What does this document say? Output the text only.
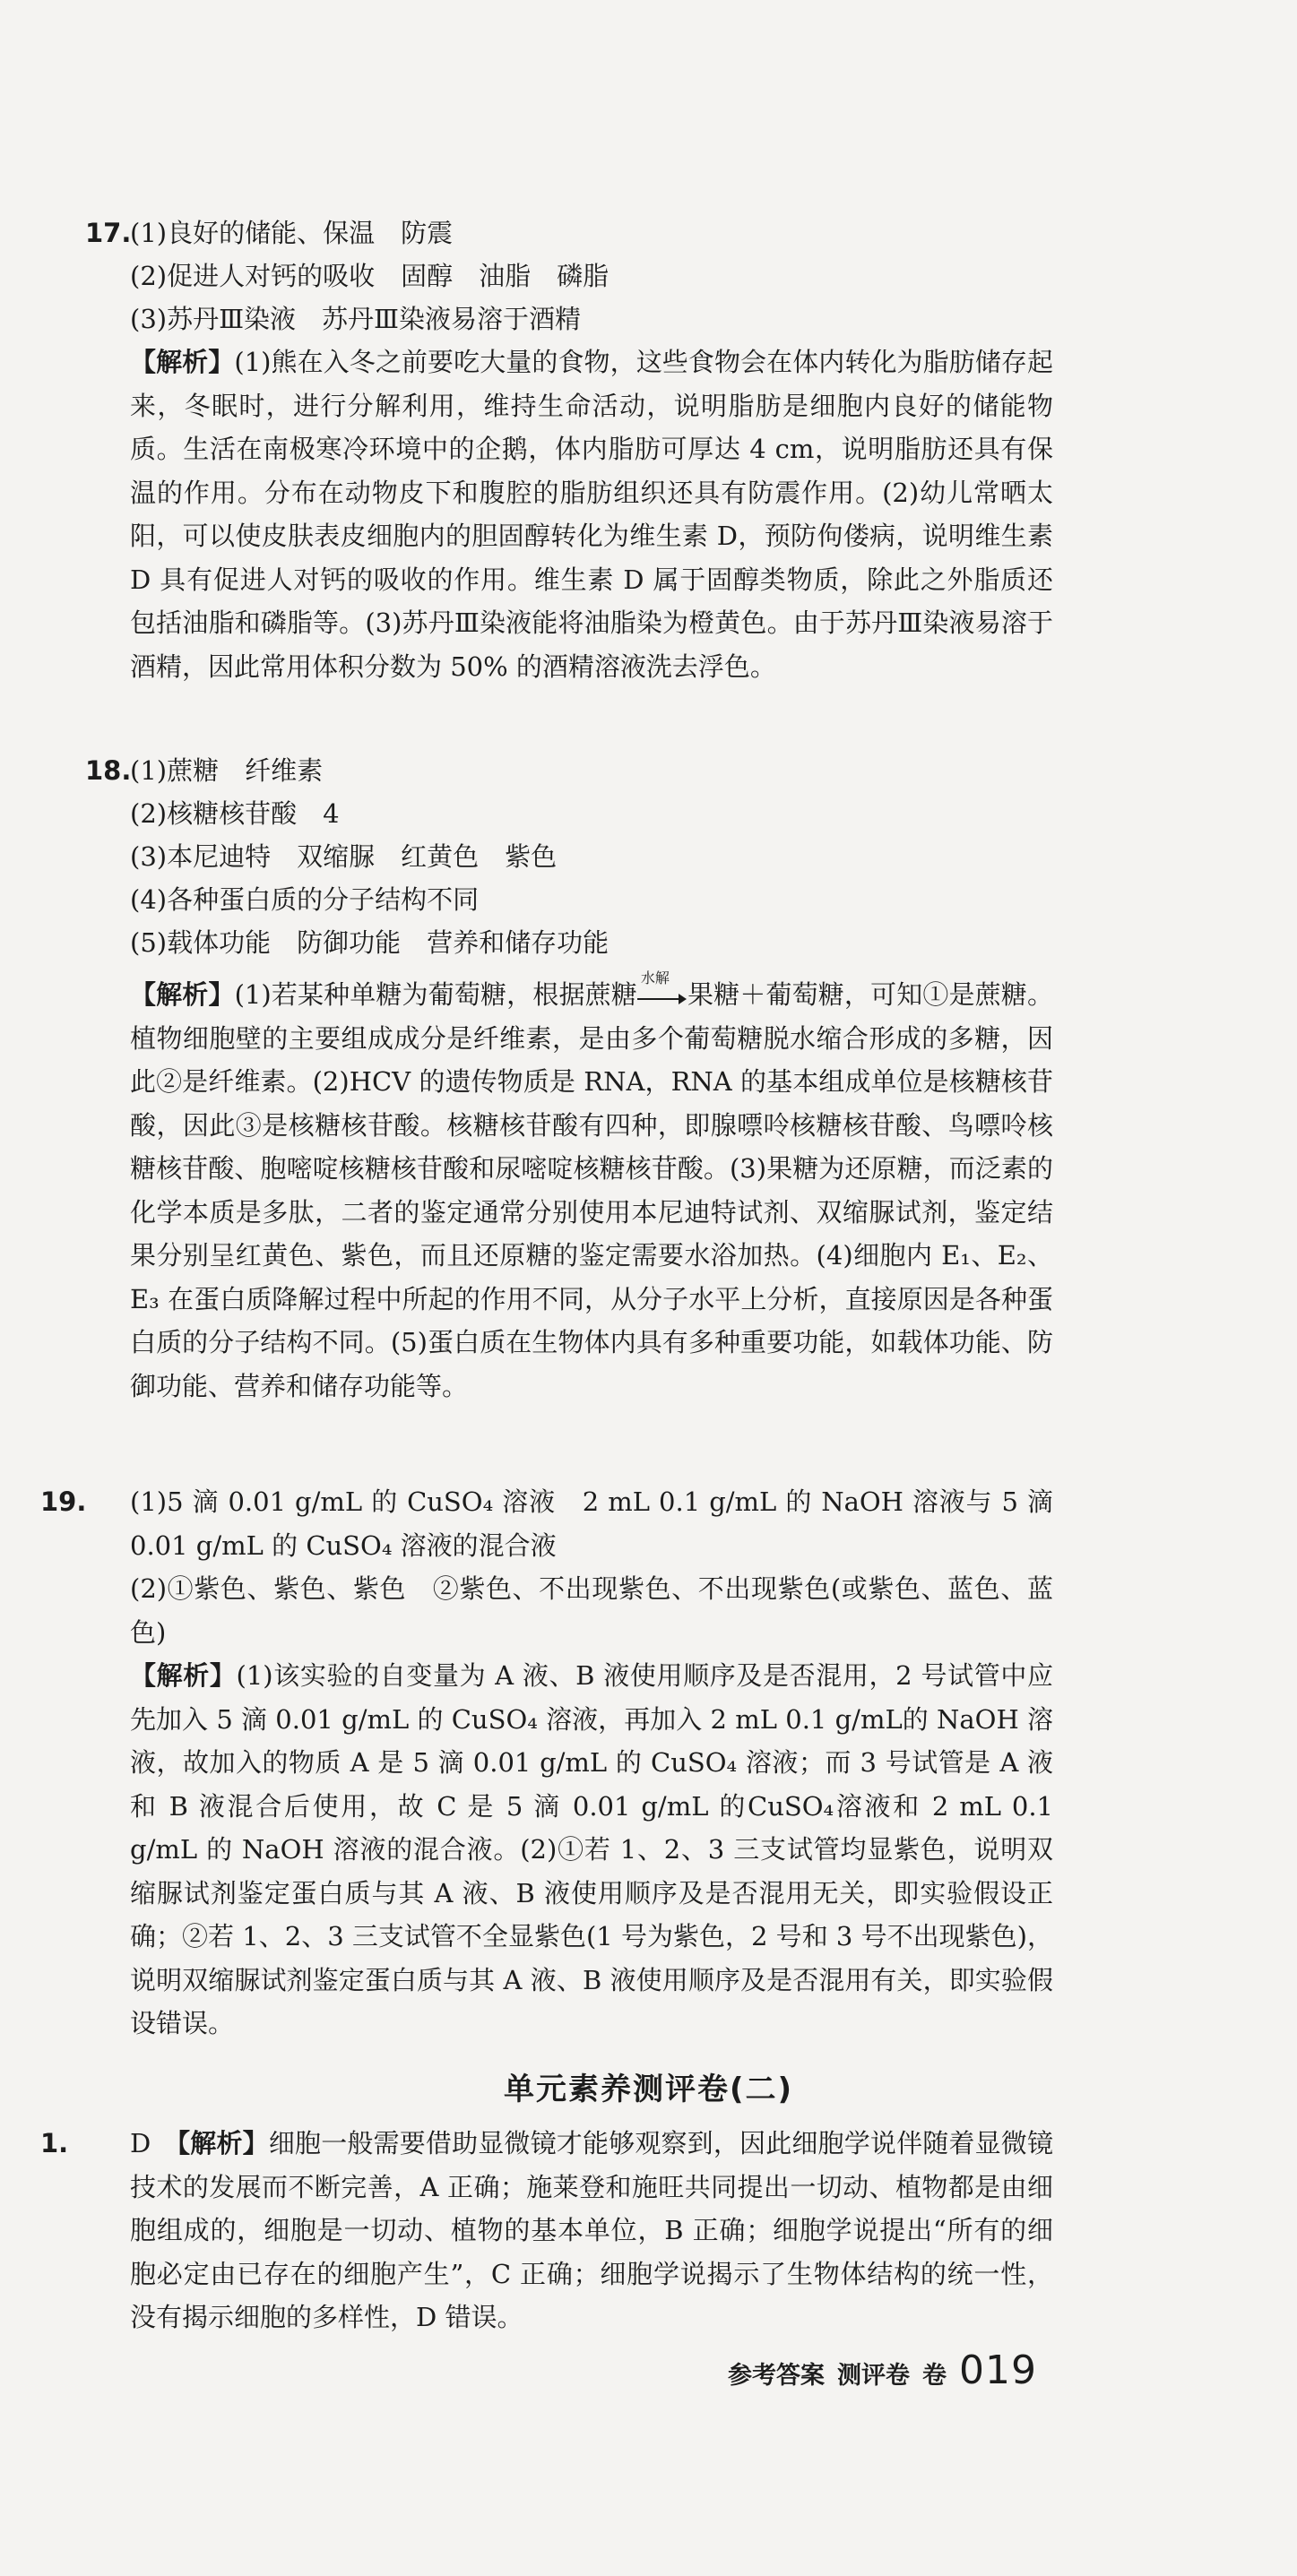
17.(1)良好的储能、保温　防震

(2)促进人对钙的吸收　固醇　油脂　磷脂

(3)苏丹Ⅲ染液　苏丹Ⅲ染液易溶于酒精

【解析】(1)熊在入冬之前要吃大量的食物，这些食物会在体内转化为脂肪储存起来，冬眠时，进行分解利用，维持生命活动，说明脂肪是细胞内良好的储能物质。生活在南极寒冷环境中的企鹅，体内脂肪可厚达 4 cm，说明脂肪还具有保温的作用。分布在动物皮下和腹腔的脂肪组织还具有防震作用。(2)幼儿常晒太阳，可以使皮肤表皮细胞内的胆固醇转化为维生素 D，预防佝偻病，说明维生素 D 具有促进人对钙的吸收的作用。维生素 D 属于固醇类物质，除此之外脂质还包括油脂和磷脂等。(3)苏丹Ⅲ染液能将油脂染为橙黄色。由于苏丹Ⅲ染液易溶于酒精，因此常用体积分数为 50% 的酒精溶液洗去浮色。

18.(1)蔗糖　纤维素

(2)核糖核苷酸　4

(3)本尼迪特　双缩脲　红黄色　紫色

(4)各种蛋白质的分子结构不同

(5)载体功能　防御功能　营养和储存功能

【解析】(1)若某种单糖为葡萄糖，根据蔗糖
水解
果糖＋葡萄糖，可知①是蔗糖。植物细胞壁的主要组成成分是纤维素，是由多个葡萄糖脱水缩合形成的多糖，因此②是纤维素。(2)HCV 的遗传物质是 RNA，RNA 的基本组成单位是核糖核苷酸，因此③是核糖核苷酸。核糖核苷酸有四种，即腺嘌呤核糖核苷酸、鸟嘌呤核糖核苷酸、胞嘧啶核糖核苷酸和尿嘧啶核糖核苷酸。(3)果糖为还原糖，而泛素的化学本质是多肽，二者的鉴定通常分别使用本尼迪特试剂、双缩脲试剂，鉴定结果分别呈红黄色、紫色，而且还原糖的鉴定需要水浴加热。(4)细胞内 E₁、E₂、E₃ 在蛋白质降解过程中所起的作用不同，从分子水平上分析，直接原因是各种蛋白质的分子结构不同。(5)蛋白质在生物体内具有多种重要功能，如载体功能、防御功能、营养和储存功能等。

19. (1)5 滴 0.01 g/mL 的 CuSO₄ 溶液　2 mL 0.1 g/mL 的 NaOH 溶液与 5 滴 0.01 g/mL 的 CuSO₄ 溶液的混合液

(2)①紫色、紫色、紫色　②紫色、不出现紫色、不出现紫色(或紫色、蓝色、蓝色)

【解析】(1)该实验的自变量为 A 液、B 液使用顺序及是否混用，2 号试管中应先加入 5 滴 0.01 g/mL 的 CuSO₄ 溶液，再加入 2 mL 0.1 g/mL的 NaOH 溶液，故加入的物质 A 是 5 滴 0.01 g/mL 的 CuSO₄ 溶液；而 3 号试管是 A 液和 B 液混合后使用，故 C 是 5 滴 0.01 g/mL 的CuSO₄溶液和 2 mL 0.1 g/mL 的 NaOH 溶液的混合液。(2)①若 1、2、3 三支试管均显紫色，说明双缩脲试剂鉴定蛋白质与其 A 液、B 液使用顺序及是否混用无关，即实验假设正确；②若 1、2、3 三支试管不全显紫色(1 号为紫色，2 号和 3 号不出现紫色)，说明双缩脲试剂鉴定蛋白质与其 A 液、B 液使用顺序及是否混用有关，即实验假设错误。

单元素养测评卷(二)

1. D　 【解析】细胞一般需要借助显微镜才能够观察到，因此细胞学说伴随着显微镜技术的发展而不断完善，A 正确；施莱登和施旺共同提出一切动、植物都是由细胞组成的，细胞是一切动、植物的基本单位，B 正确；细胞学说提出“所有的细胞必定由已存在的细胞产生”，C 正确；细胞学说揭示了生物体结构的统一性，没有揭示细胞的多样性，D 错误。

参考答案 测评卷 卷 019
